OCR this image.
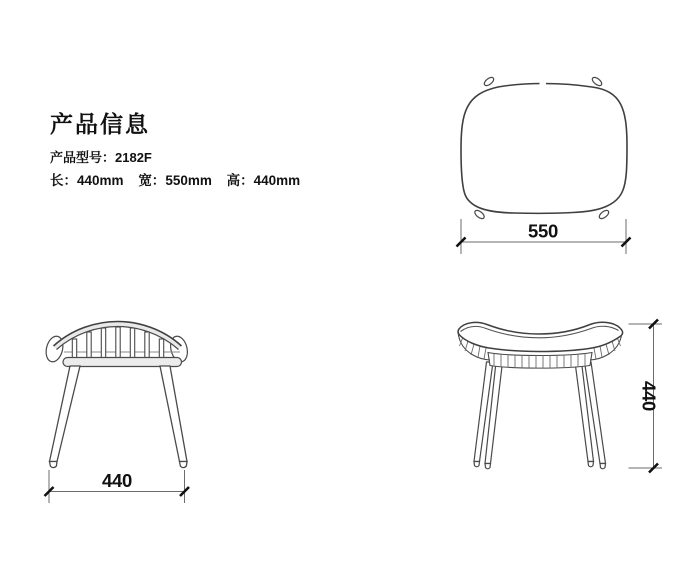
产品信息
产品型号：2182F
长：440mm 宽：550mm 高：440mm
550
440
440
